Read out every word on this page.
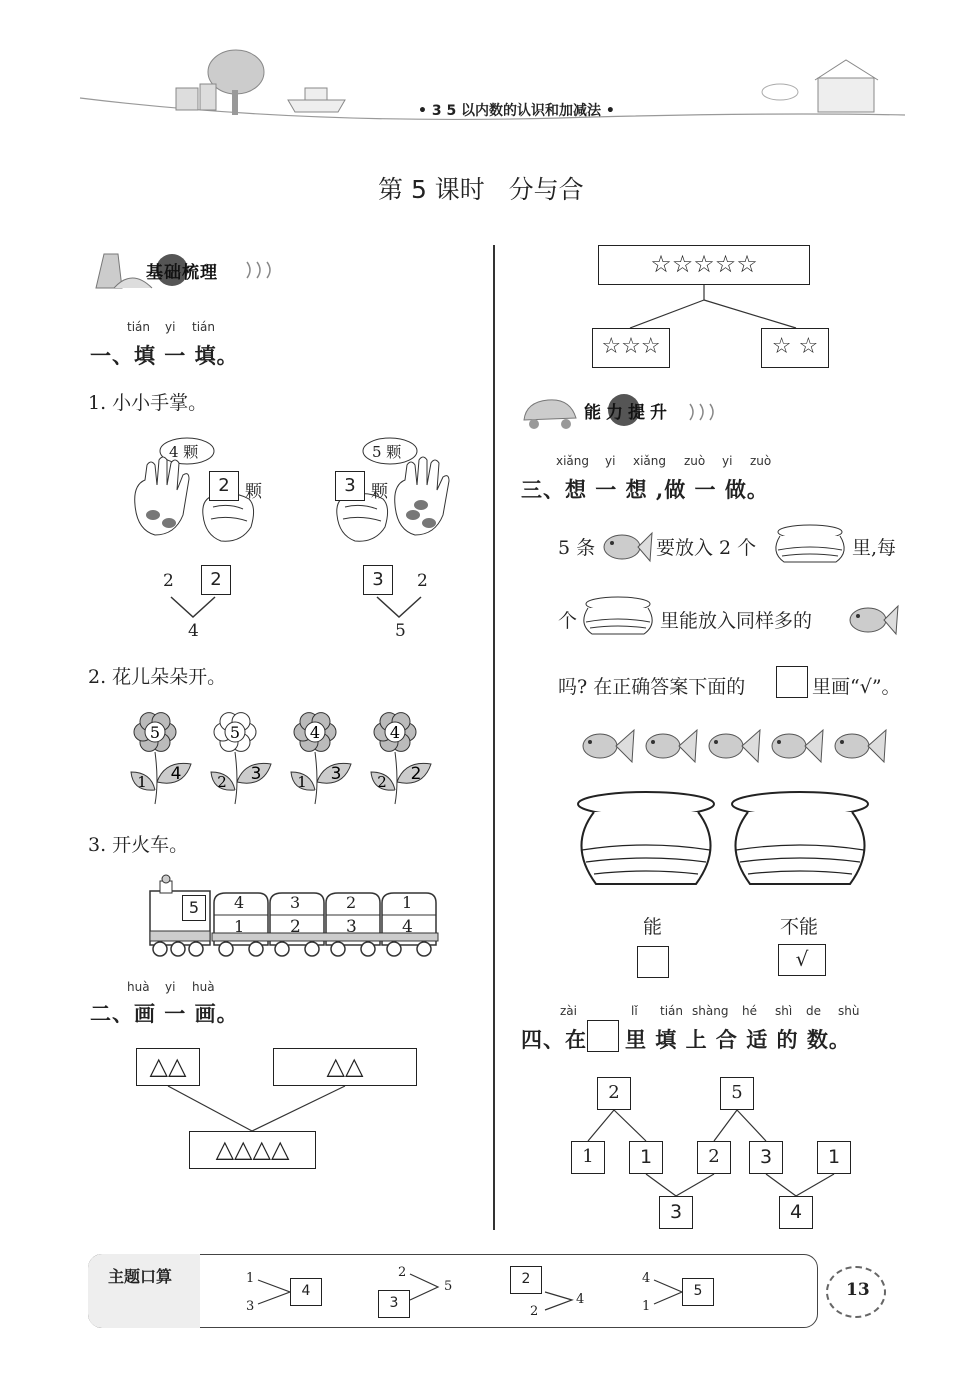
• 3 5 以内数的认识和加减法 •
第 5 课时   分与合
基础梳理
tián yi tián
一、填 一 填。
1. 小小手掌。
4 颗
2 颗
2	2
4
5 颗
3 颗
3	2
5
2. 花儿朵朵开。
5
1 4
5
2 3
4
1 3
4
2 2
3. 开火车。
5	4
1
3
2
2
3
1
4
huà yi huà
二、画 一 画。
△△	△△
△△△△
☆☆☆☆☆
☆☆☆	☆ ☆
能力提升
xiǎng yi xiǎng zuò yi zuò
三、想 一 想 ,做 一 做。
5 条	要放入 2 个	里,每
个	里能放入同样多的
吗? 在正确答案下面的	里画“√”。
能	不能
√
zài	lǐ tián shàng hé shì de shù
四、在 里 填 上 合 适 的 数。
2	5
1	1	2	3	1
3	4
主题口算	1
3
4
2
5
3
2
2
4
4
1
5	13
